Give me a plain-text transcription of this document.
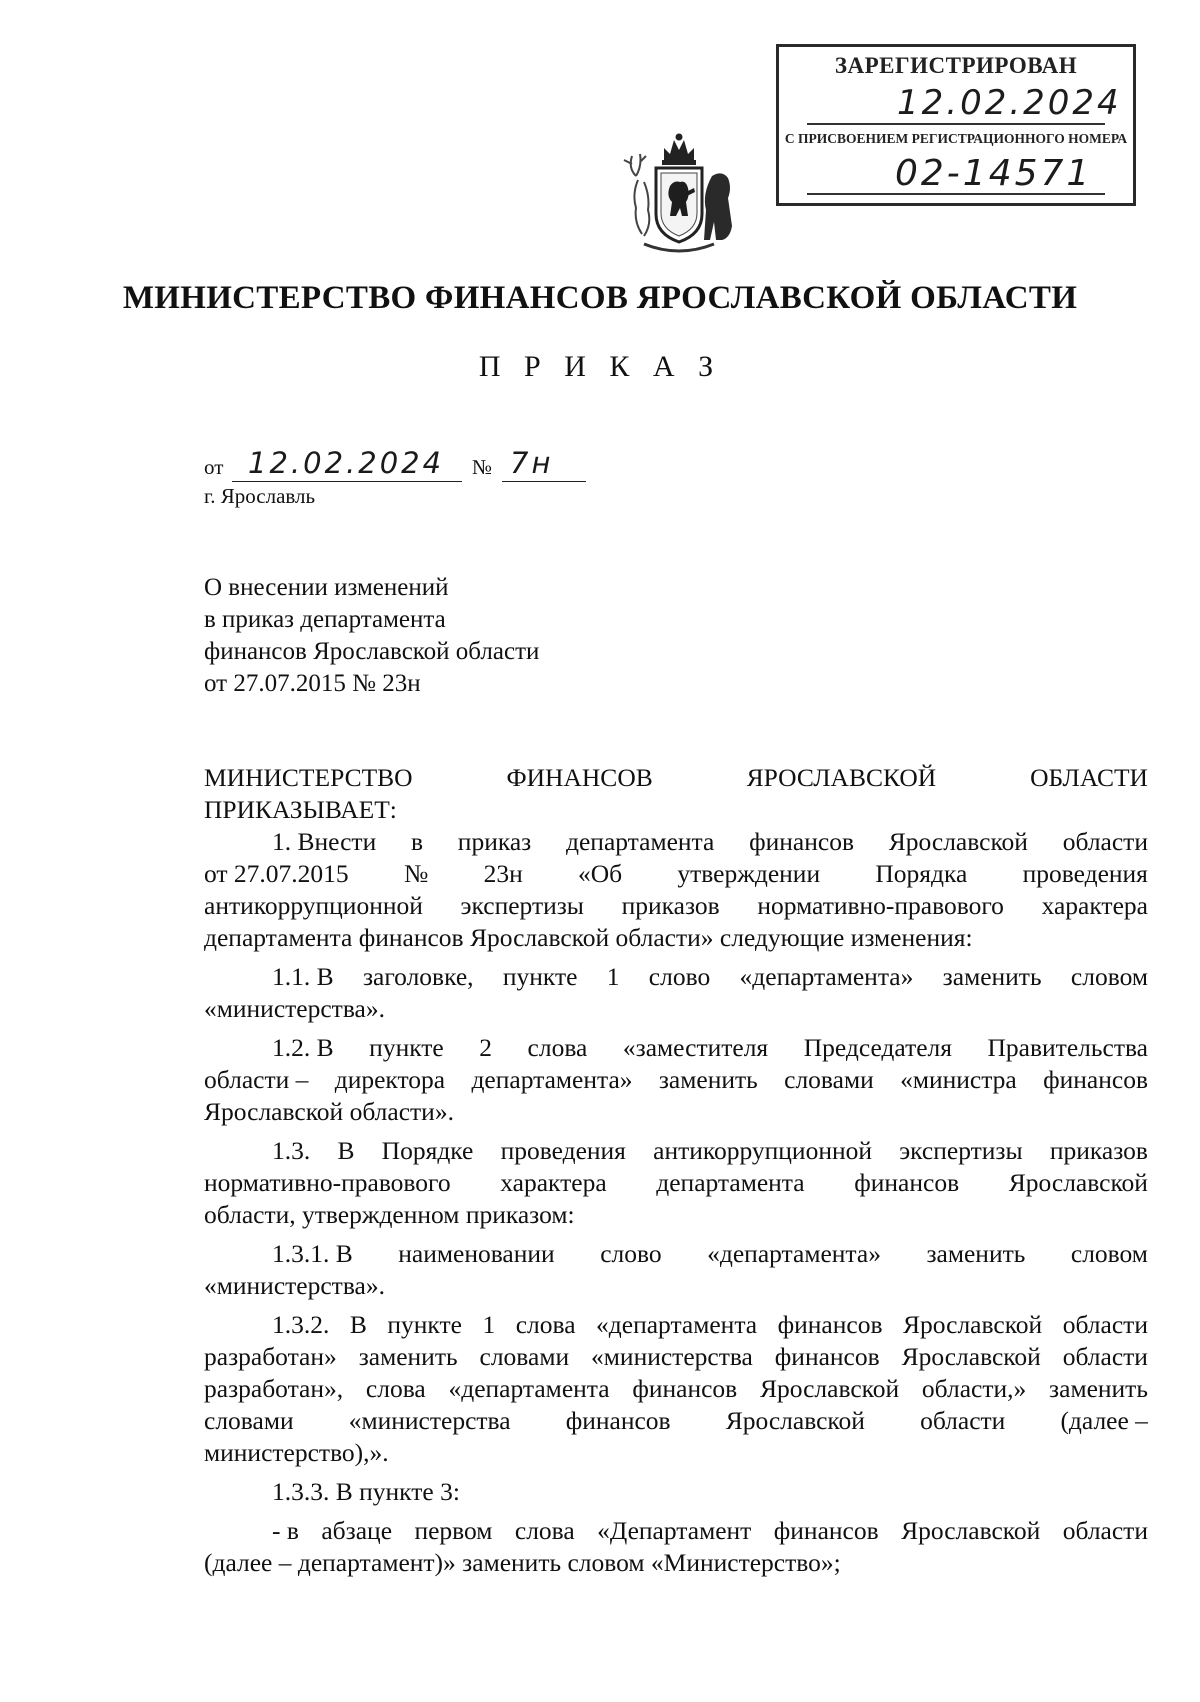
ЗАРЕГИСТРИРОВАН
12.02.2024
С ПРИСВОЕНИЕМ РЕГИСТРАЦИОННОГО НОМЕРА
02-14571
МИНИСТЕРСТВО ФИНАНСОВ ЯРОСЛАВСКОЙ ОБЛАСТИ
П Р И К А З
от 12.02.2024 № 7н
г. Ярославль
О внесении изменений
в приказ департамента
финансов Ярославской области
от 27.07.2015 № 23н
МИНИСТЕРСТВО	ФИНАНСОВ	ЯРОСЛАВСКОЙ	ОБЛАСТИ
ПРИКАЗЫВАЕТ:
1. Внести в приказ департамента финансов Ярославской области
от 27.07.2015 № 23н «Об утверждении Порядка проведения
антикоррупционной экспертизы приказов нормативно-правового характера
департамента финансов Ярославской области» следующие изменения:
1.1. В заголовке, пункте 1 слово «департамента» заменить словом
«министерства».
1.2. В пункте 2 слова «заместителя Председателя Правительства
области – директора департамента» заменить словами «министра финансов
Ярославской области».
1.3. В Порядке проведения антикоррупционной экспертизы приказов
нормативно-правового характера департамента финансов Ярославской
области, утвержденном приказом:
1.3.1. В наименовании слово «департамента» заменить словом
«министерства».
1.3.2. В пункте 1 слова «департамента финансов Ярославской области
разработан» заменить словами «министерства финансов Ярославской области
разработан», слова «департамента финансов Ярославской области,» заменить
словами «министерства финансов Ярославской области (далее –
министерство),».
1.3.3. В пункте 3:
- в абзаце первом слова «Департамент финансов Ярославской области
(далее – департамент)» заменить словом «Министерство»;
